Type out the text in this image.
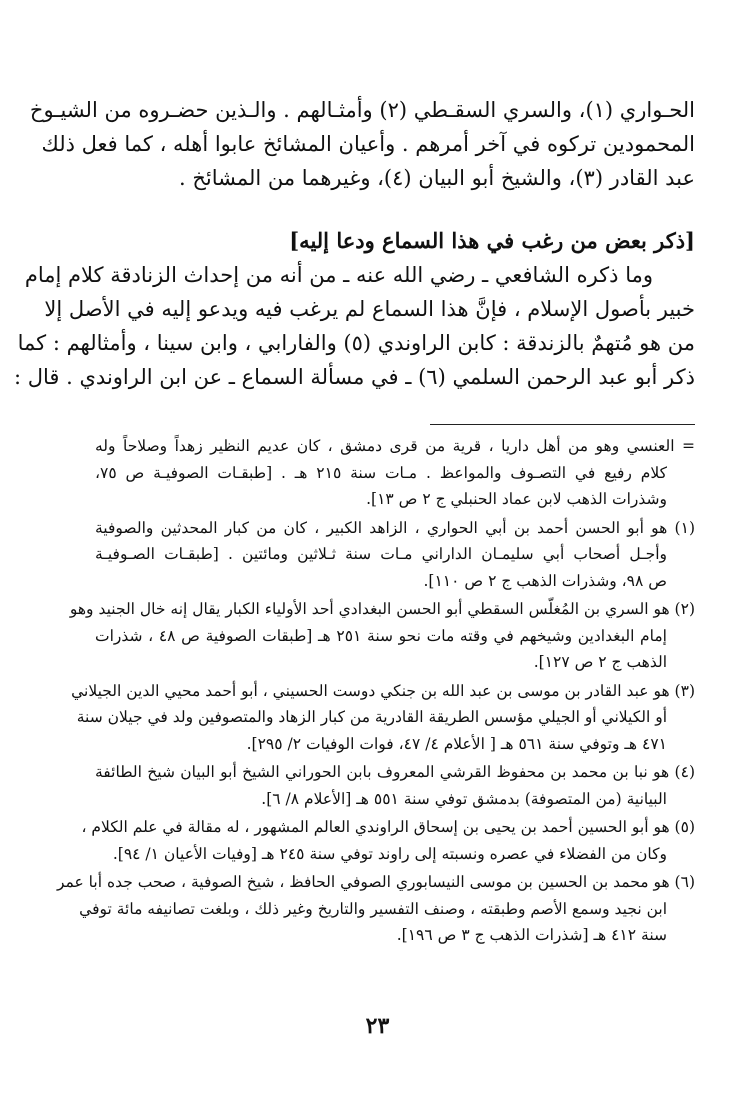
الحـواري (١)، والسري السقـطي (٢) وأمثـالهم . والـذين حضـروه من الشيـوخ
المحمودين تركوه في آخر أمرهم . وأعيان المشائخ عابوا أهله ، كما فعل ذلك
عبد القادر (٣)، والشيخ أبو البيان (٤)، وغيرهما من المشائخ .
[ذكر بعض من رغب في هذا السماع ودعا إليه]
وما ذكره الشافعي ـ رضي الله عنه ـ من أنه من إحداث الزنادقة كلام إمام
خبير بأصول الإسلام ، فإنَّ هذا السماع لم يرغب فيه ويدعو إليه في الأصل إلا
من هو مُتهمٌ بالزندقة : كابن الراوندي (٥) والفارابي ، وابن سينا ، وأمثالهم : كما
ذكر أبو عبد الرحمن السلمي (٦) ـ في مسألة السماع ـ عن ابن الراوندي . قال :
= العنسي وهو من أهل داريا ، قرية من قرى دمشق ، كان عديم النظير زهداً وصلاحاً وله
كلام رفيع في التصـوف والمواعظ . مـات سنة ٢١٥ هـ . [طبقـات الصوفيـة ص ٧٥،
وشذرات الذهب لابن عماد الحنبلي ج ٢ ص ١٣].
(١) هو أبو الحسن أحمد بن أبي الحواري ، الزاهد الكبير ، كان من كبار المحدثين والصوفية
وأجـل أصحاب أبي سليمـان الداراني مـات سنة ثـلاثين ومائتين . [طبقـات الصـوفيـة
ص ٩٨، وشذرات الذهب ج ٢ ص ١١٠].
(٢) هو السري بن المُغلّس السقطي أبو الحسن البغدادي أحد الأولياء الكبار يقال إنه خال الجنيد وهو
إمام البغدادين وشيخهم في وقته مات نحو سنة ٢٥١ هـ [طبقات الصوفية ص ٤٨ ، شذرات
الذهب ج ٢ ص ١٢٧].
(٣) هو عبد القادر بن موسى بن عبد الله بن جنكي دوست الحسيني ، أبو أحمد محيي الدين الجيلاني
أو الكيلاني أو الجيلي مؤسس الطريقة القادرية من كبار الزهاد والمتصوفين ولد في جيلان سنة
٤٧١ هـ وتوفي سنة ٥٦١ هـ [ الأعلام ٤/ ٤٧، فوات الوفيات ٢/ ٢٩٥].
(٤) هو نبا بن محمد بن محفوظ القرشي المعروف بابن الحوراني الشيخ أبو البيان شيخ الطائفة
البيانية (من المتصوفة) بدمشق توفي سنة ٥٥١ هـ [الأعلام ٨/ ٦].
(٥) هو أبو الحسين أحمد بن يحيى بن إسحاق الراوندي العالم المشهور ، له مقالة في علم الكلام ،
وكان من الفضلاء في عصره ونسبته إلى راوند توفي سنة ٢٤٥ هـ [وفيات الأعيان ١/ ٩٤].
(٦) هو محمد بن الحسين بن موسى النيسابوري الصوفي الحافظ ، شيخ الصوفية ، صحب جده أبا عمر
ابن نجيد وسمع الأصم وطبقته ، وصنف التفسير والتاريخ وغير ذلك ، وبلغت تصانيفه مائة توفي
سنة ٤١٢ هـ [شذرات الذهب ج ٣ ص ١٩٦].
٢٣
